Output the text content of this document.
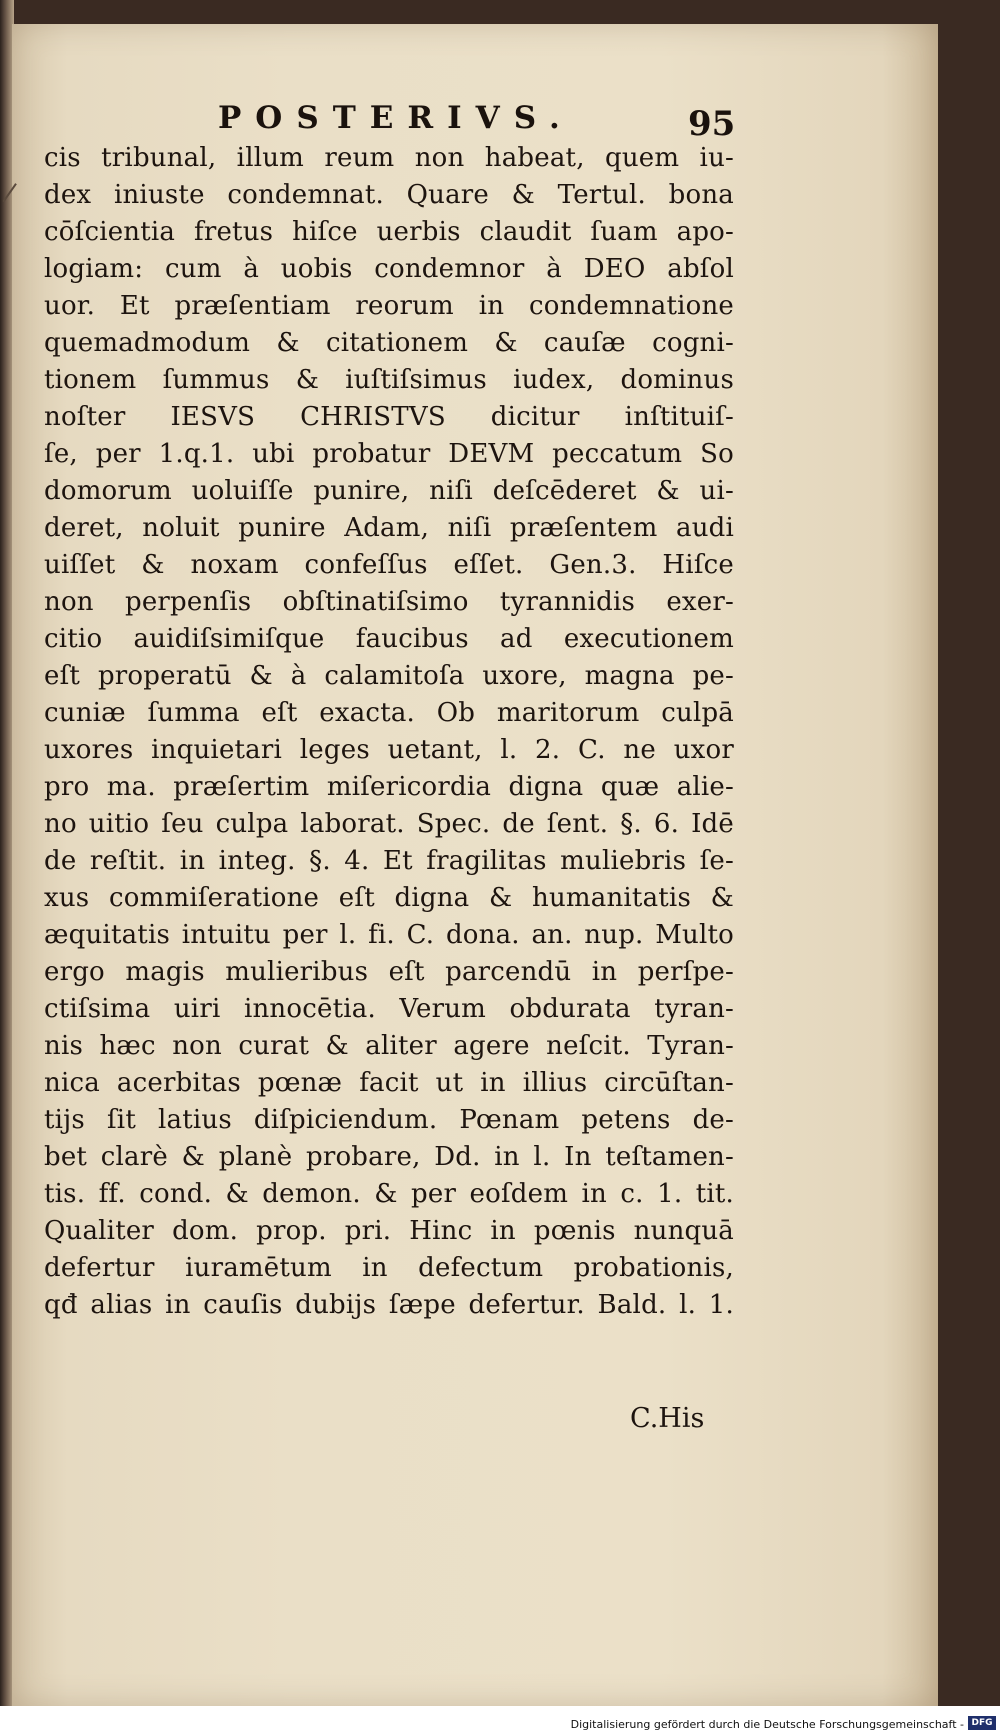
POSTERIVS.	95
cis tribunal, illum reum non habeat, quem iu-
dex iniuste condemnat. Quare & Tertul. bona
cōſcientia fretus hiſce uerbis claudit ſuam apo-
logiam: cum à uobis condemnor à DEO abſol
uor. Et præſentiam reorum in condemnatione
quemadmodum & citationem & cauſæ cogni-
tionem ſummus & iuſtiſsimus iudex, dominus
noſter IESVS CHRISTVS dicitur inſtituiſ-
ſe, per 1.q.1. ubi probatur DEVM peccatum So
domorum uoluiſſe punire, niſi deſcēderet & ui-
deret, noluit punire Adam, niſi præſentem audi
uiſſet & noxam confeſſus eſſet. Gen.3. Hiſce
non perpenſis obſtinatiſsimo tyrannidis exer-
citio auidiſsimiſque faucibus ad executionem
eſt properatū & à calamitoſa uxore, magna pe-
cuniæ ſumma eſt exacta. Ob maritorum culpā
uxores inquietari leges uetant, l. 2. C. ne uxor
pro ma. præſertim miſericordia digna quæ alie-
no uitio ſeu culpa laborat. Spec. de ſent. §. 6. Idē
de reſtit. in integ. §. 4. Et fragilitas muliebris ſe-
xus commiſeratione eſt digna & humanitatis &
æquitatis intuitu per l. fi. C. dona. an. nup. Multo
ergo magis mulieribus eſt parcendū in perſpe-
ctiſsima uiri innocētia. Verum obdurata tyran-
nis hæc non curat & aliter agere neſcit. Tyran-
nica acerbitas pœnæ facit ut in illius circūſtan-
tijs ſit latius diſpiciendum. Pœnam petens de-
bet clarè & planè probare, Dd. in l. In teſtamen-
tis. ff. cond. & demon. & per eoſdem in c. 1. tit.
Qualiter dom. prop. pri. Hinc in pœnis nunquā
defertur iuramētum in defectum probationis,
qđ alias in cauſis dubijs ſæpe defertur. Bald. l. 1.
C.His
Digitalisierung gefördert durch die Deutsche Forschungsgemeinschaft - DFG
